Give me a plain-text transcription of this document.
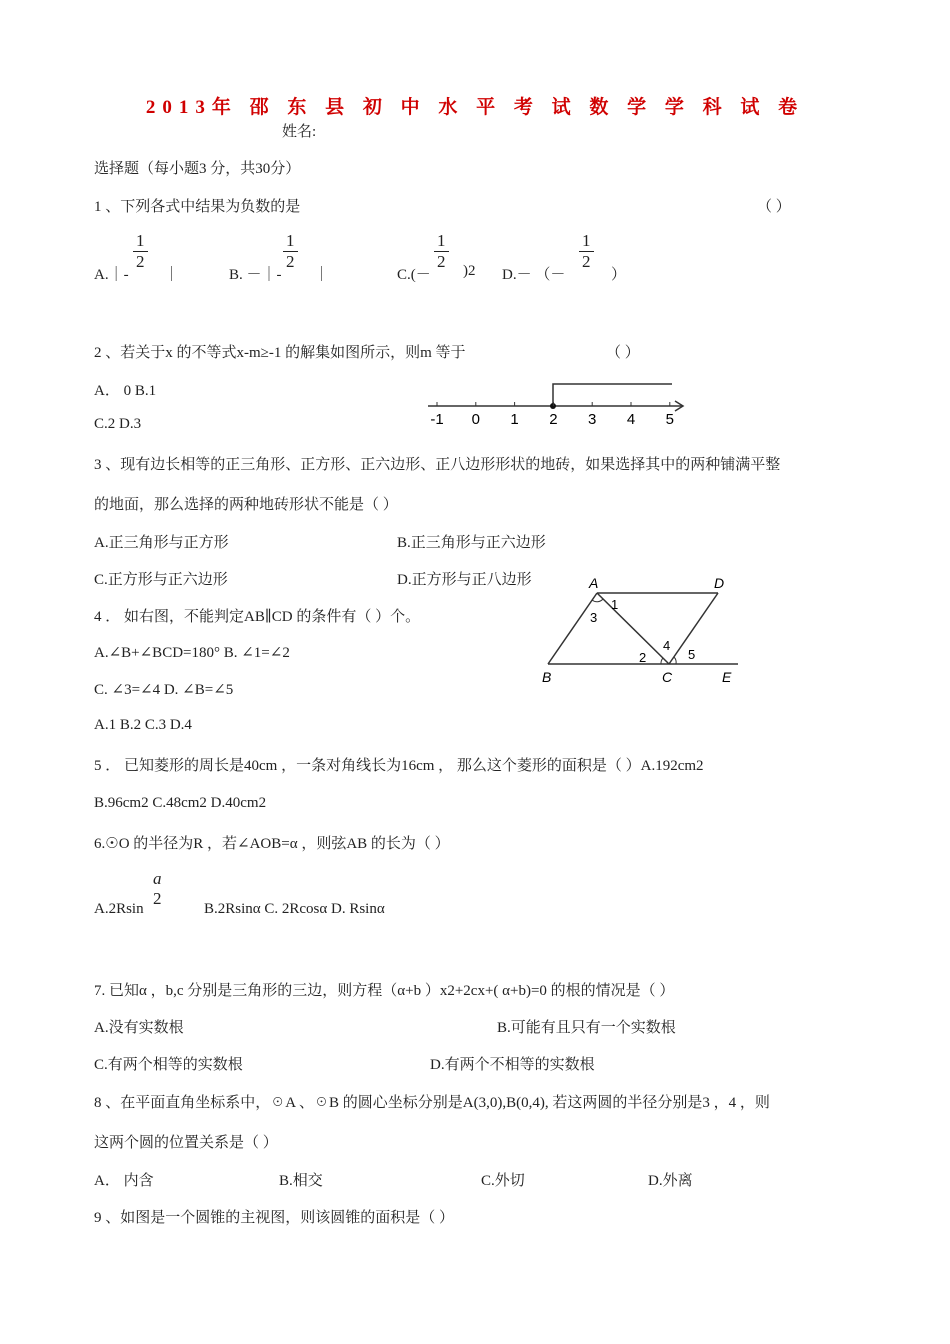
2013年 邵 东 县 初 中 水 平 考 试 数 学 学 科 试 卷
姓名:
选择题（每小题3 分，共30分）
1 、下列各式中结果为负数的是	（ ）
A.｜-
$\frac{1}{2}$
｜	B. －｜-
$\frac{1}{2}$
｜	C.(－
$\frac{1}{2} )2$ D.－ （－
$\frac{1}{2}$
）
2 、若关于x 的不等式x-m≥-1 的解集如图所示，则m 等于	（ ）
A． 0 B.1
C.2 D.3	-1 0 1 2 3 4 5
3 、现有边长相等的正三角形、正方形、正六边形、正八边形形状的地砖，如果选择其中的两种铺满平整
的地面，那么选择的两种地砖形状不能是（ ）
A.正三角形与正方形	B.正三角形与正六边形
C.正方形与正六边形	D.正方形与正八边形
4 ． 如右图，不能判定AB∥CD 的条件有（ ）个。
A.∠B+∠BCD=180° B. ∠1=∠2
C. ∠3=∠4 D. ∠B=∠5
A.1 B.2 C.3 D.4
A	D
B	C	E
1
2
3
4
5
5 ． 已知菱形的周长是40cm ，一条对角线长为16cm ， 那么这个菱形的面积是（ ）A.192cm2
B.96cm2 C.48cm2 D.40cm2
6.☉O 的半径为R ，若∠AOB=α ，则弦AB 的长为（ ）
A.2Rsin
a
2
B.2Rsinα C. 2Rcosα D. Rsinα
7. 已知α ，b,c 分别是三角形的三边，则方程（α+b ）x2+2cx+( α+b)=0 的根的情况是（ ）
A.没有实数根	B.可能有且只有一个实数根
C.有两个相等的实数根	D.有两个不相等的实数根
8 、在平面直角坐标系中，☉A 、☉B 的圆心坐标分别是A(3,0),B(0,4), 若这两圆的半径分别是3 ，4 ，则
这两个圆的位置关系是（ ）
A． 内含	B.相交	C.外切	D.外离
9 、如图是一个圆锥的主视图，则该圆锥的面积是（ ）
